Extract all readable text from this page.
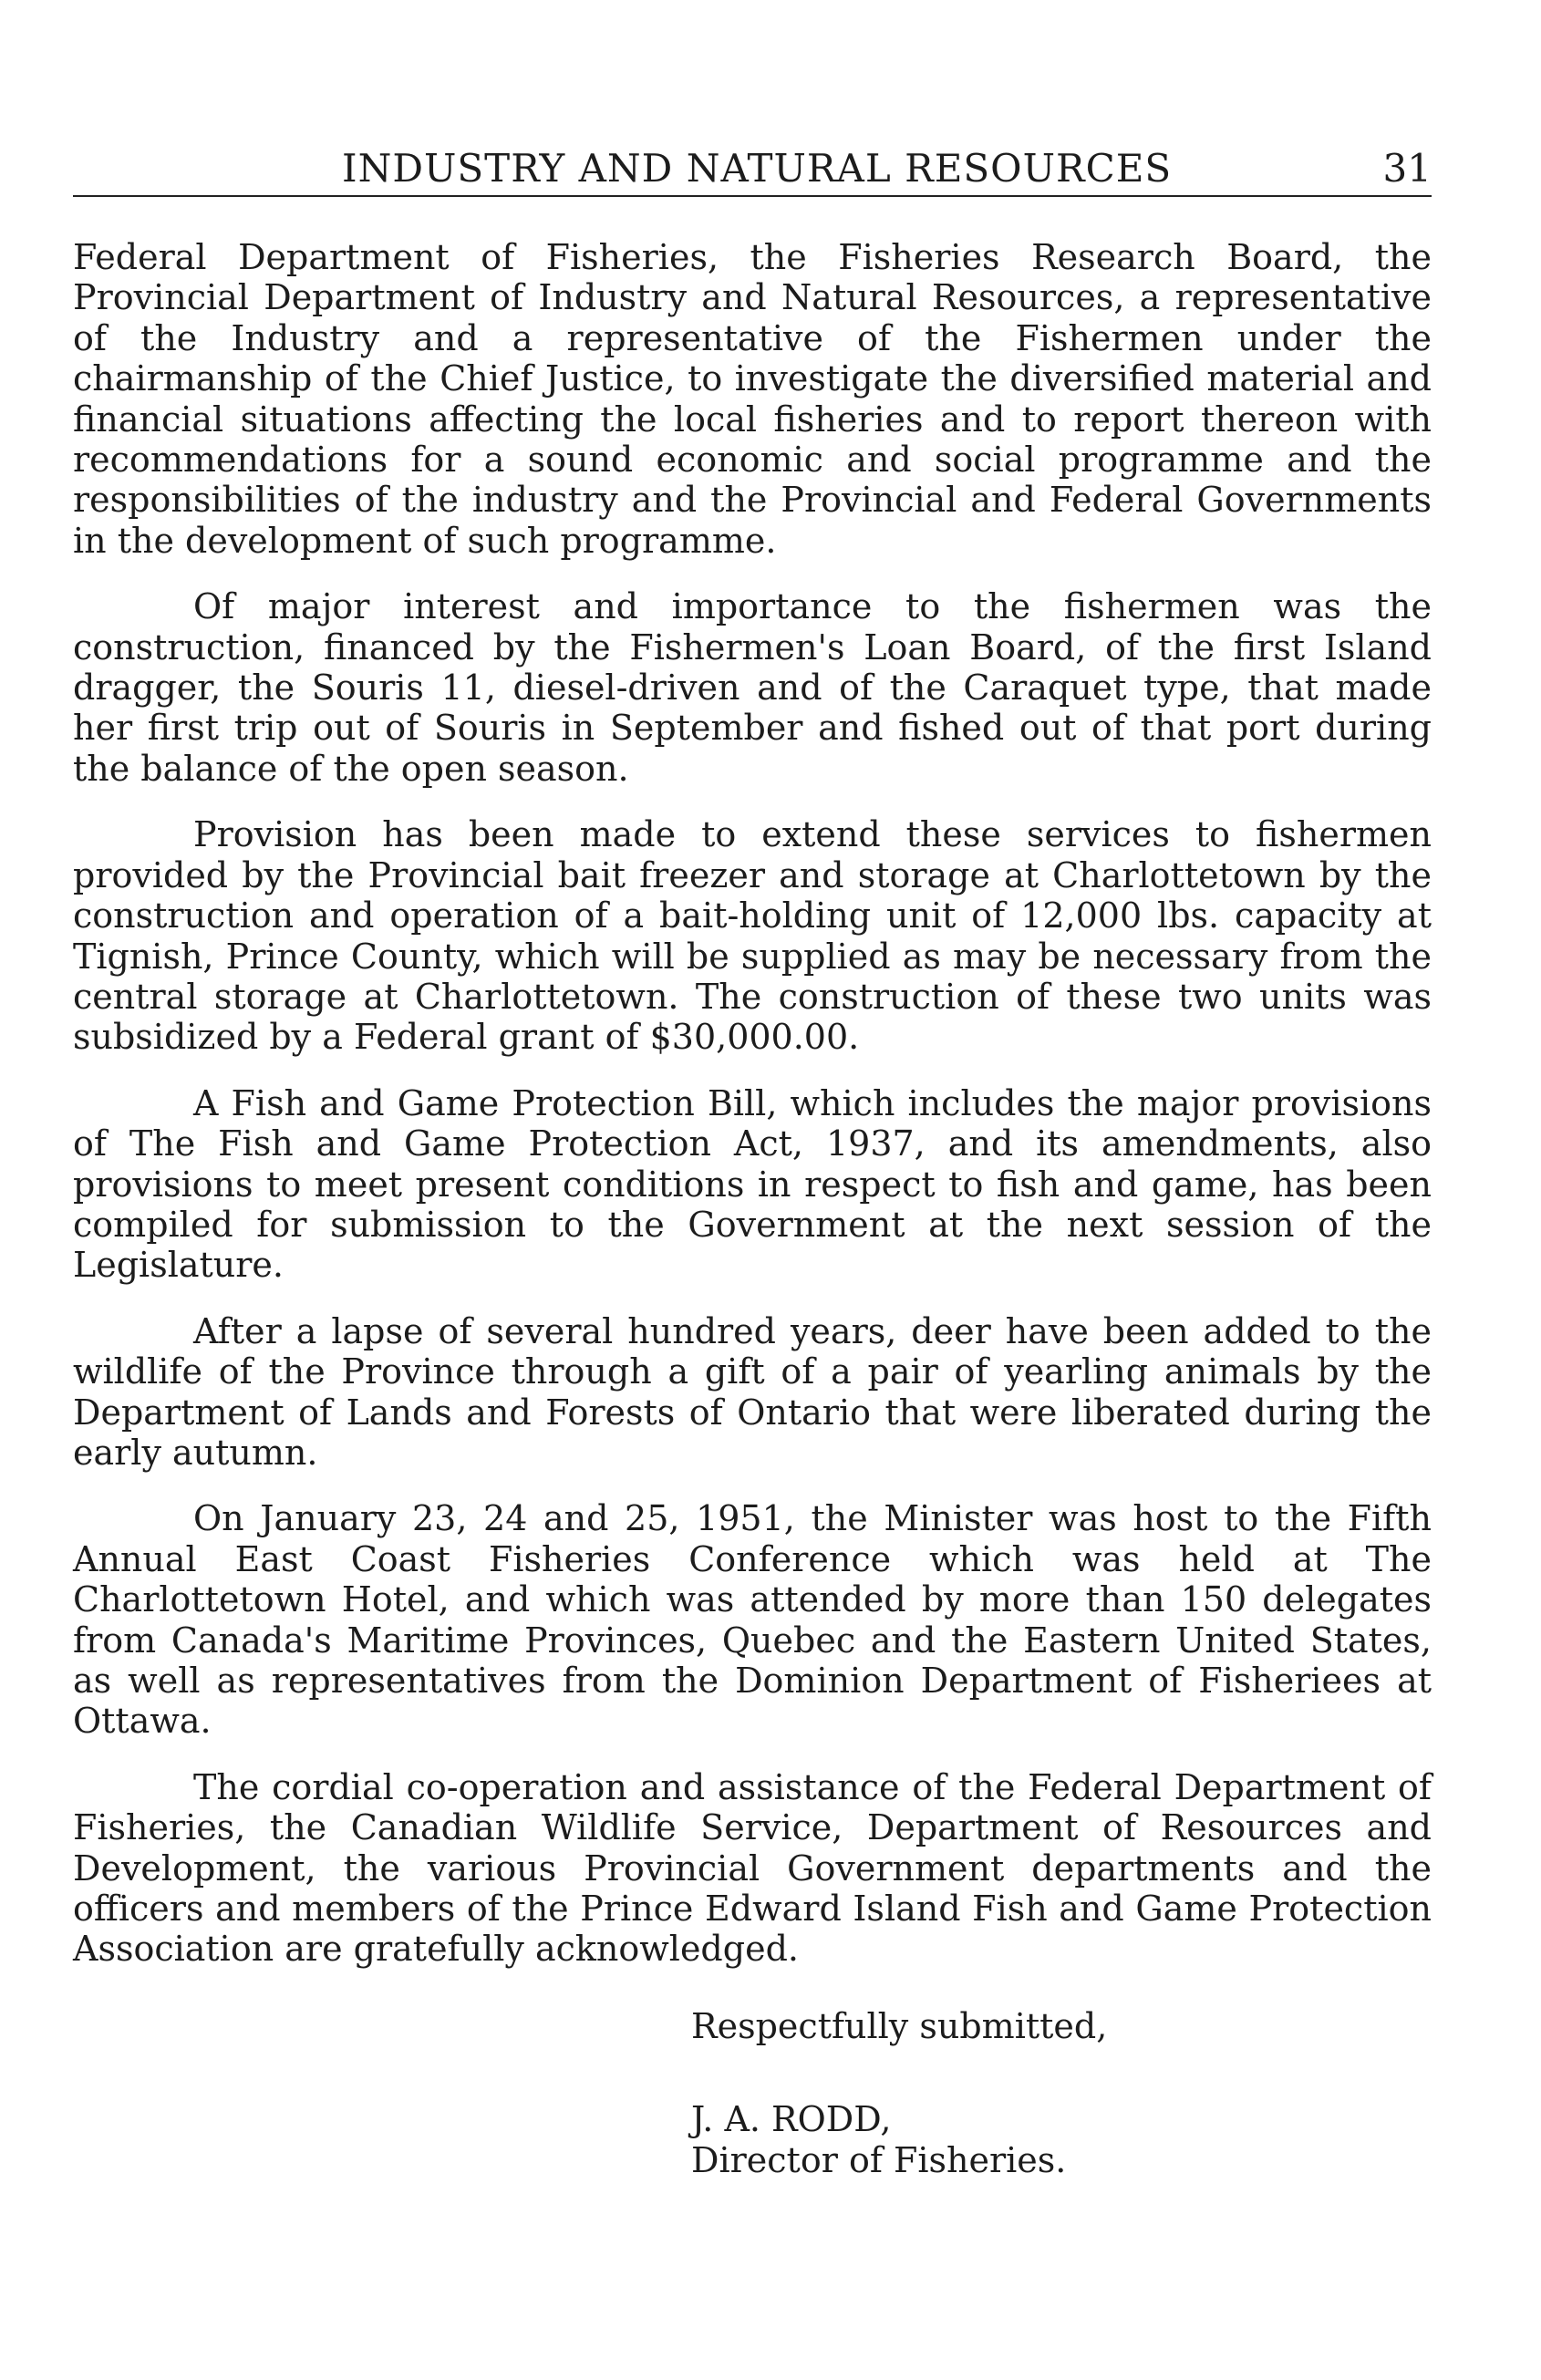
INDUSTRY AND NATURAL RESOURCES	31

Federal Department of Fisheries, the Fisheries Research Board, the Provincial Department of Industry and Natural Resources, a representative of the Industry and a representative of the Fishermen under the chairmanship of the Chief Justice, to investigate the diversified material and financial situations affecting the local fisheries and to report thereon with recommendations for a sound economic and social programme and the responsibilities of the industry and the Provincial and Federal Governments in the development of such programme.

Of major interest and importance to the fishermen was the construction, financed by the Fishermen's Loan Board, of the first Island dragger, the Souris 11, diesel-driven and of the Caraquet type, that made her first trip out of Souris in September and fished out of that port during the balance of the open season.

Provision has been made to extend these services to fishermen provided by the Provincial bait freezer and storage at Charlottetown by the construction and operation of a bait-holding unit of 12,000 lbs. capacity at Tignish, Prince County, which will be supplied as may be necessary from the central storage at Charlottetown. The construction of these two units was subsidized by a Federal grant of $30,000.00.

A Fish and Game Protection Bill, which includes the major provisions of The Fish and Game Protection Act, 1937, and its amendments, also provisions to meet present conditions in respect to fish and game, has been compiled for submission to the Government at the next session of the Legislature.

After a lapse of several hundred years, deer have been added to the wildlife of the Province through a gift of a pair of yearling animals by the Department of Lands and Forests of Ontario that were liberated during the early autumn.

On January 23, 24 and 25, 1951, the Minister was host to the Fifth Annual East Coast Fisheries Conference which was held at The Charlottetown Hotel, and which was attended by more than 150 delegates from Canada's Maritime Provinces, Quebec and the Eastern United States, as well as representatives from the Dominion Department of Fisheriees at Ottawa.

The cordial co-operation and assistance of the Federal Department of Fisheries, the Canadian Wildlife Service, Department of Resources and Development, the various Provincial Government departments and the officers and members of the Prince Edward Island Fish and Game Protection Association are gratefully acknowledged.

Respectfully submitted,
J. A. RODD,
Director of Fisheries.
